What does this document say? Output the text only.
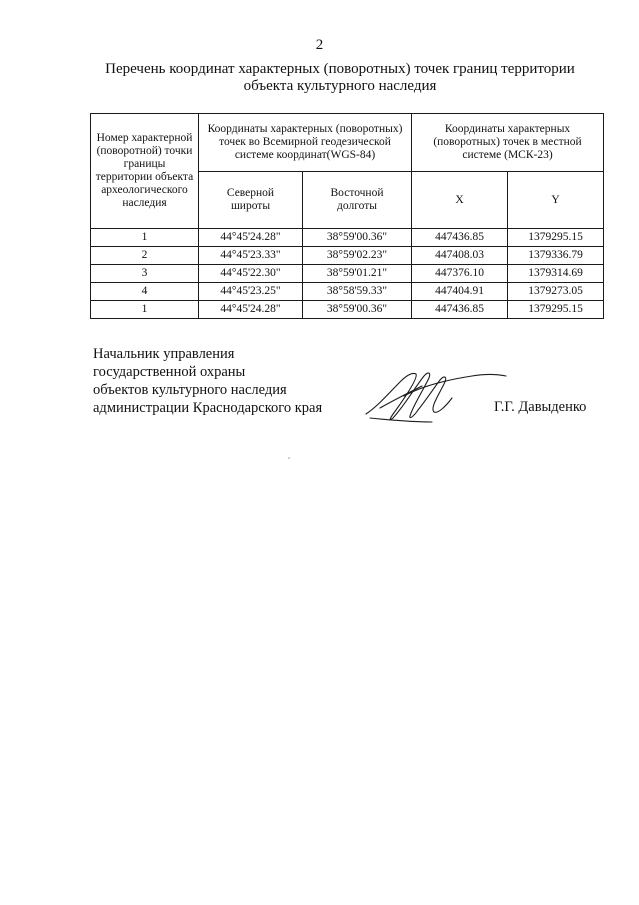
2
Перечень координат характерных (поворотных) точек границ территории
объекта культурного наследия
Номер характерной (поворотной) точки границы территории объекта археологического наследия	Координаты характерных (поворотных) точек во Всемирной геодезической системе координат(WGS-84)		Координаты характерных (поворотных) точек в местной системе (МСК-23)	
	Северной широты	Восточной долготы	X	Y
1	44°45'24.28"	38°59'00.36"	447436.85	1379295.15
2	44°45'23.33"	38°59'02.23"	447408.03	1379336.79
3	44°45'22.30"	38°59'01.21"	447376.10	1379314.69
4	44°45'23.25"	38°58'59.33"	447404.91	1379273.05
1	44°45'24.28"	38°59'00.36"	447436.85	1379295.15
Начальник управления
государственной охраны
объектов культурного наследия
администрации Краснодарского края	Г.Г. Давыденко
